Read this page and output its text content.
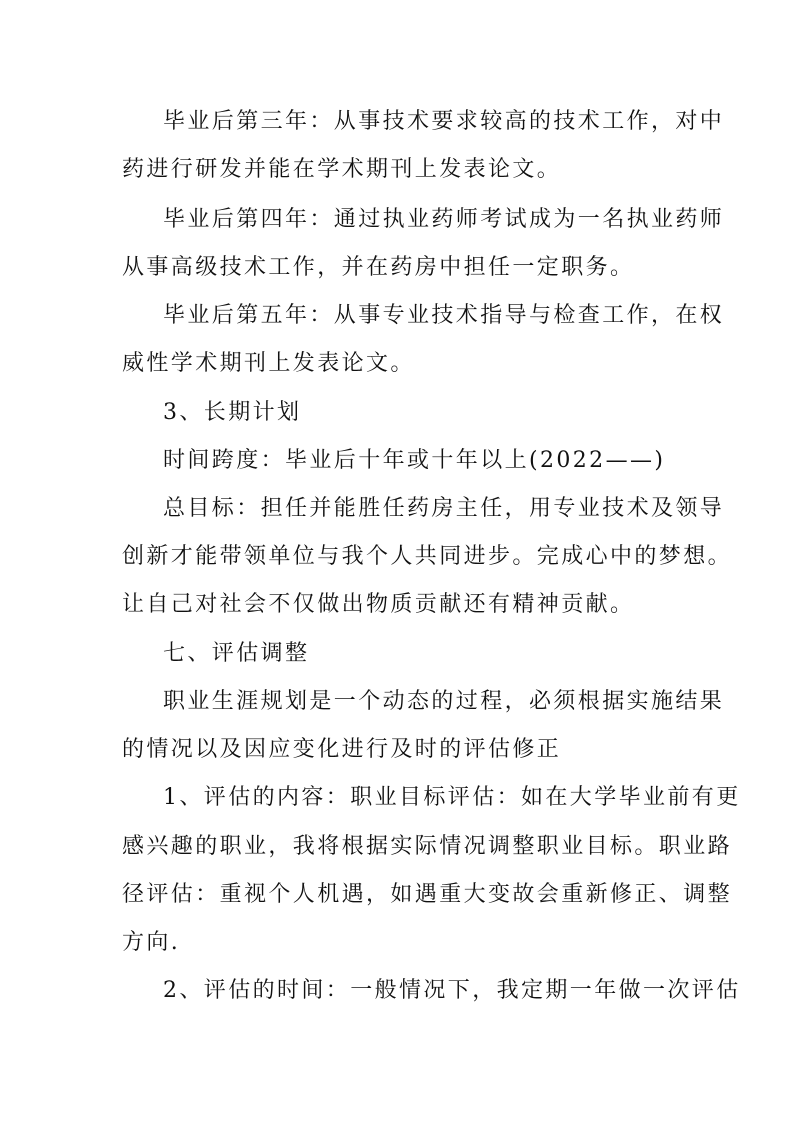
毕业后第三年：从事技术要求较高的技术工作，对中
药进行研发并能在学术期刊上发表论文。
毕业后第四年：通过执业药师考试成为一名执业药师
从事高级技术工作，并在药房中担任一定职务。
毕业后第五年：从事专业技术指导与检查工作，在权
威性学术期刊上发表论文。
3、长期计划
时间跨度：毕业后十年或十年以上(2022——)
总目标：担任并能胜任药房主任，用专业技术及领导
创新才能带领单位与我个人共同进步。完成心中的梦想。
让自己对社会不仅做出物质贡献还有精神贡献。
七、评估调整
职业生涯规划是一个动态的过程，必须根据实施结果
的情况以及因应变化进行及时的评估修正
1、评估的内容：职业目标评估：如在大学毕业前有更
感兴趣的职业，我将根据实际情况调整职业目标。职业路
径评估：重视个人机遇，如遇重大变故会重新修正、调整
方向.
2、评估的时间：一般情况下，我定期一年做一次评估
